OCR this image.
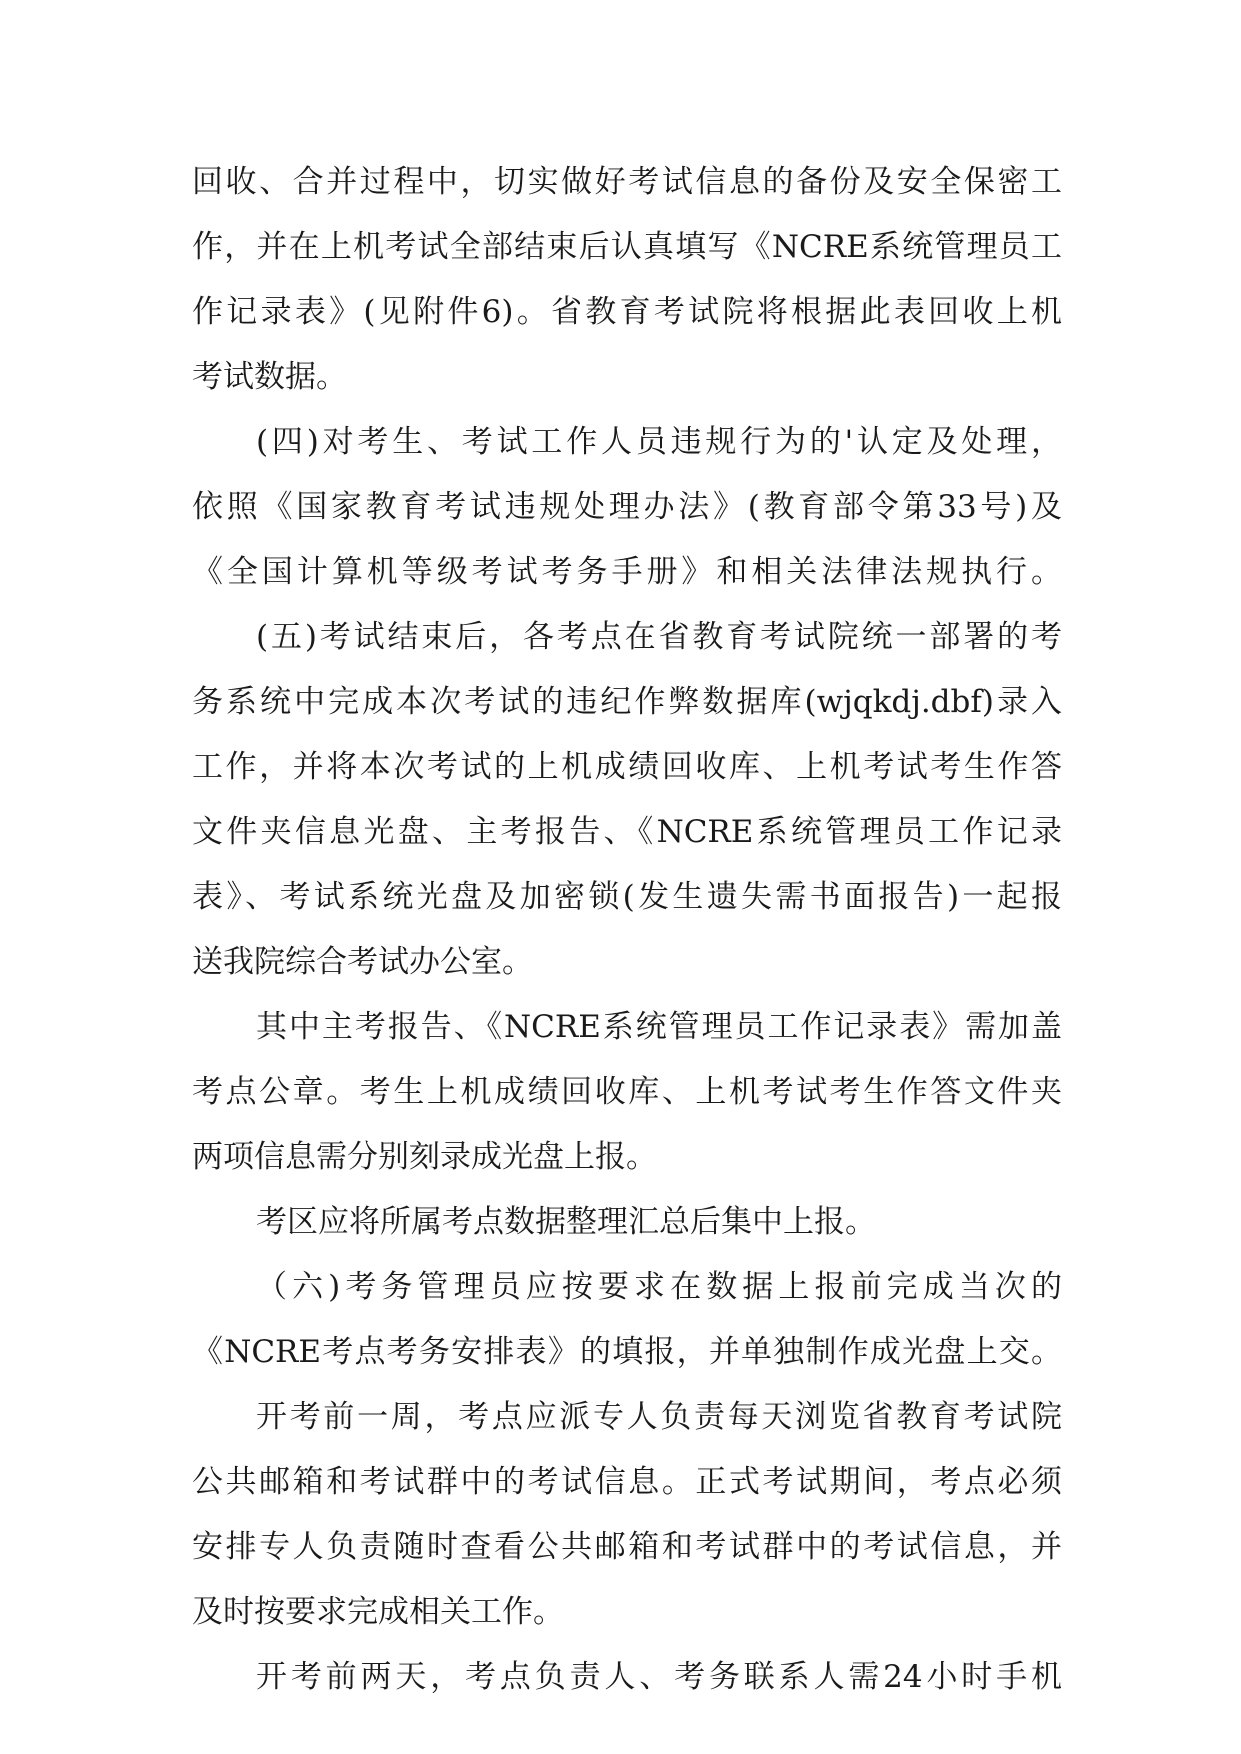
回收、合并过程中，切实做好考试信息的备份及安全保密工
作，并在上机考试全部结束后认真填写《NCRE系统管理员工
作记录表》(见附件6)。省教育考试院将根据此表回收上机
考试数据。
(四)对考生、考试工作人员违规行为的'认定及处理，
依照《国家教育考试违规处理办法》(教育部令第33号)及
《全国计算机等级考试考务手册》和相关法律法规执行。
(五)考试结束后，各考点在省教育考试院统一部署的考
务系统中完成本次考试的违纪作弊数据库(wjqkdj.dbf)录入
工作，并将本次考试的上机成绩回收库、上机考试考生作答
文件夹信息光盘、主考报告、《NCRE系统管理员工作记录
表》、考试系统光盘及加密锁(发生遗失需书面报告)一起报
送我院综合考试办公室。
其中主考报告、《NCRE系统管理员工作记录表》需加盖
考点公章。考生上机成绩回收库、上机考试考生作答文件夹
两项信息需分别刻录成光盘上报。
考区应将所属考点数据整理汇总后集中上报。
（六)考务管理员应按要求在数据上报前完成当次的
《NCRE考点考务安排表》的填报，并单独制作成光盘上交。
开考前一周，考点应派专人负责每天浏览省教育考试院
公共邮箱和考试群中的考试信息。正式考试期间，考点必须
安排专人负责随时查看公共邮箱和考试群中的考试信息，并
及时按要求完成相关工作。
开考前两天，考点负责人、考务联系人需24小时手机
